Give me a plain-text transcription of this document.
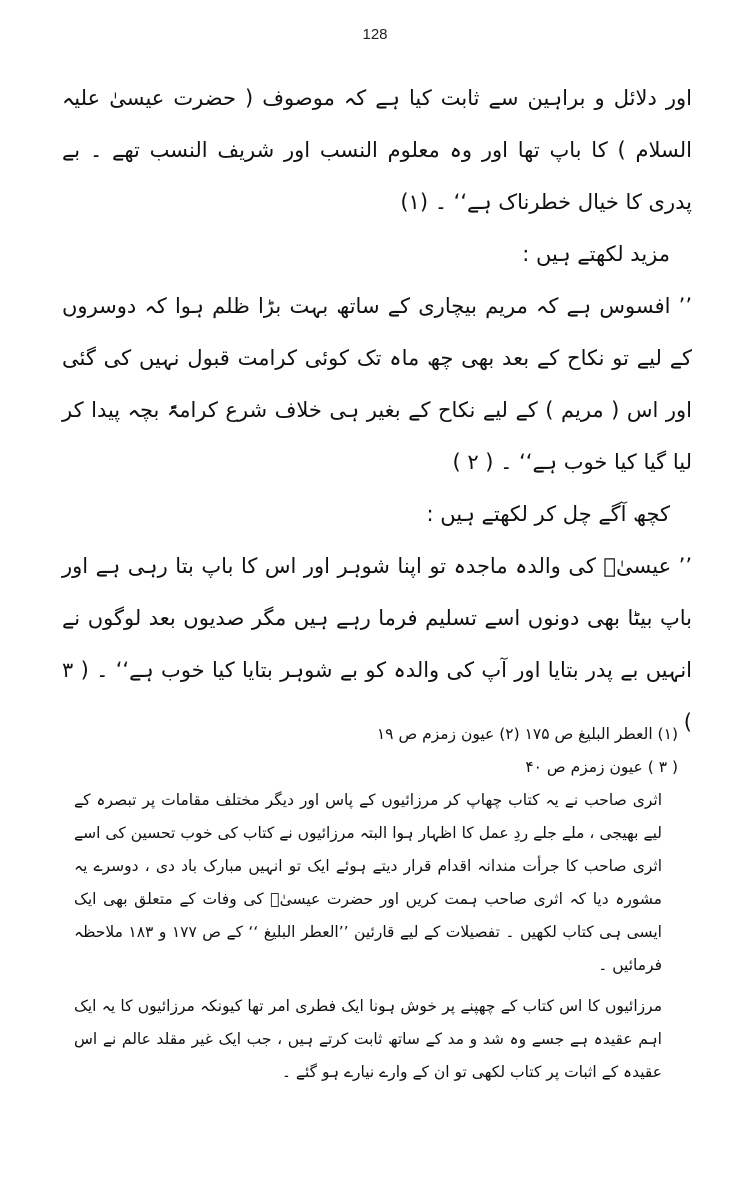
128

اور دلائل و براہین سے ثابت کیا ہے کہ موصوف ( حضرت عیسیٰ علیہ السلام ) کا باپ تھا اور وہ معلوم النسب اور شریف النسب تھے ۔ بے پدری کا خیال خطرناک ہے‘‘ ۔ (۱)

مزید لکھتے ہیں :

’’ افسوس ہے کہ مریم بیچاری کے ساتھ بہت بڑا ظلم ہوا کہ دوسروں کے لیے تو نکاح کے بعد بھی چھ ماہ تک کوئی کرامت قبول نہیں کی گئی اور اس ( مریم ) کے لیے نکاح کے بغیر ہی خلاف شرع کرامۃً بچہ پیدا کر لیا گیا کیا خوب ہے‘‘ ۔ ( ۲ )

کچھ آگے چل کر لکھتے ہیں :

’’ عیسیٰؑ کی والدہ ماجدہ تو اپنا شوہر اور اس کا باپ بتا رہی ہے اور باپ بیٹا بھی دونوں اسے تسلیم فرما رہے ہیں مگر صدیوں بعد لوگوں نے انہیں بے پدر بتایا اور آپ کی والدہ کو بے شوہر بتایا کیا خوب ہے‘‘ ۔ ( ۳ )

(۱) العطر البلیغ ص ۱۷۵ (۲) عیون زمزم ص ۱۹

( ۳ ) عیون زمزم ص ۴۰

اثری صاحب نے یہ کتاب چھاپ کر مرزائیوں کے پاس اور دیگر مختلف مقامات پر تبصرہ کے لیے بھیجی ، ملے جلے ردِ عمل کا اظہار ہوا البتہ مرزائیوں نے کتاب کی خوب تحسین کی اسے اثری صاحب کا جرأت مندانہ اقدام قرار دیتے ہوئے ایک تو انہیں مبارک باد دی ، دوسرے یہ مشورہ دیا کہ اثری صاحب ہمت کریں اور حضرت عیسیٰؑ کی وفات کے متعلق بھی ایک ایسی ہی کتاب لکھیں ۔ تفصیلات کے لیے قارئین ’’العطر البلیغ ‘‘ کے ص ۱۷۷ و ۱۸۳ ملاحظہ فرمائیں ۔

مرزائیوں کا اس کتاب کے چھپنے پر خوش ہونا ایک فطری امر تھا کیونکہ مرزائیوں کا یہ ایک اہم عقیدہ ہے جسے وہ شد و مد کے ساتھ ثابت کرتے ہیں ، جب ایک غیر مقلد عالم نے اس عقیدہ کے اثبات پر کتاب لکھی تو ان کے وارے نیارے ہو گئے ۔
